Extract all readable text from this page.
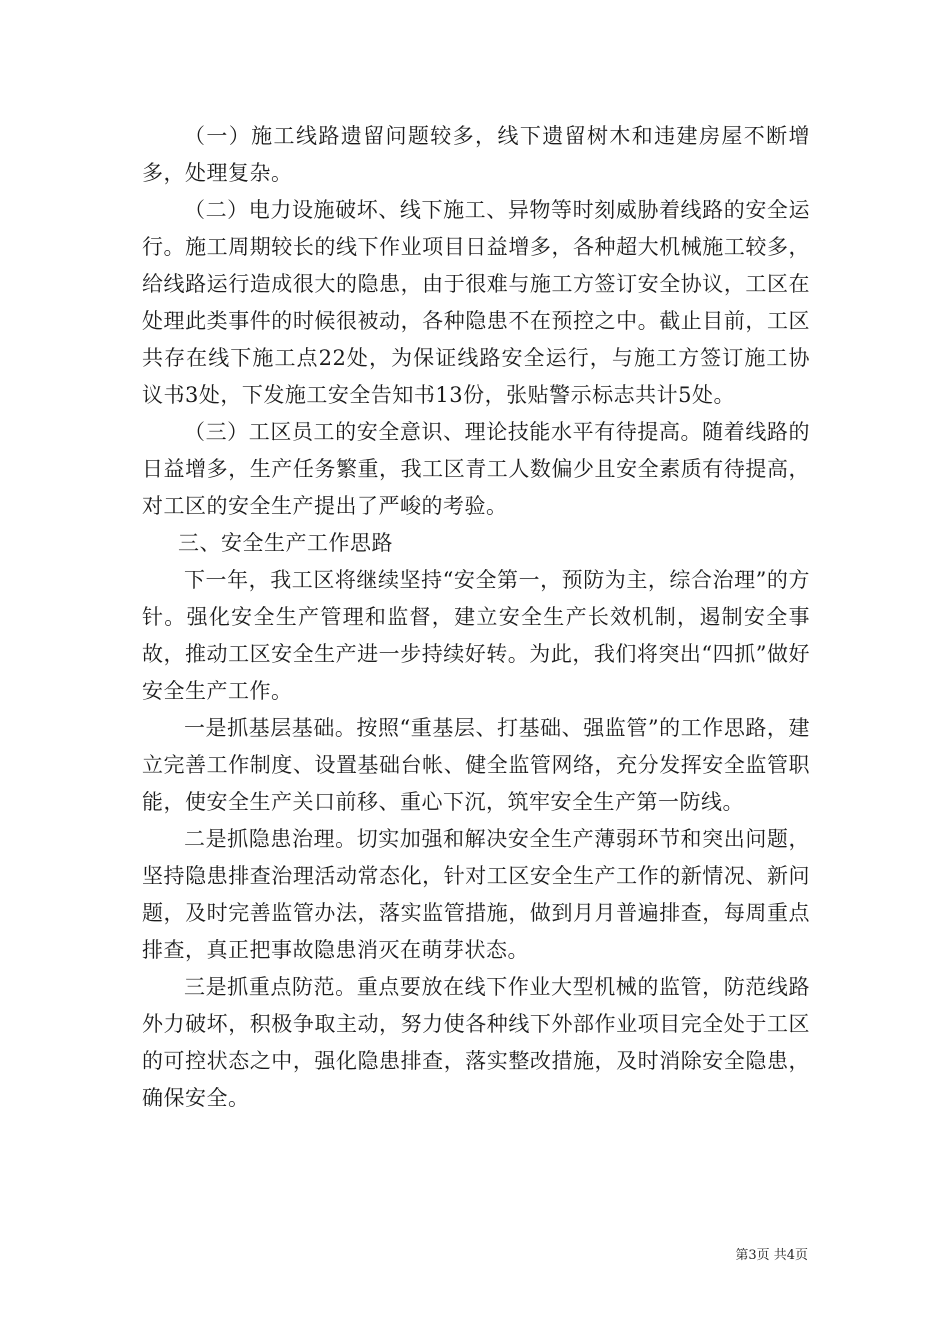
（一）施工线路遗留问题较多，线下遗留树木和违建房屋不断增多，处理复杂。

（二）电力设施破坏、线下施工、异物等时刻威胁着线路的安全运行。施工周期较长的线下作业项目日益增多，各种超大机械施工较多，给线路运行造成很大的隐患，由于很难与施工方签订安全协议，工区在处理此类事件的时候很被动，各种隐患不在预控之中。截止目前，工区共存在线下施工点22处，为保证线路安全运行，与施工方签订施工协议书3处，下发施工安全告知书13份，张贴警示标志共计5处。

（三）工区员工的安全意识、理论技能水平有待提高。随着线路的日益增多，生产任务繁重，我工区青工人数偏少且安全素质有待提高，对工区的安全生产提出了严峻的考验。

三、安全生产工作思路

下一年，我工区将继续坚持“安全第一，预防为主，综合治理”的方针。强化安全生产管理和监督，建立安全生产长效机制，遏制安全事故，推动工区安全生产进一步持续好转。为此，我们将突出“四抓”做好安全生产工作。

一是抓基层基础。按照“重基层、打基础、强监管”的工作思路，建立完善工作制度、设置基础台帐、健全监管网络，充分发挥安全监管职能，使安全生产关口前移、重心下沉，筑牢安全生产第一防线。

二是抓隐患治理。切实加强和解决安全生产薄弱环节和突出问题，坚持隐患排查治理活动常态化，针对工区安全生产工作的新情况、新问题，及时完善监管办法，落实监管措施，做到月月普遍排查，每周重点排查，真正把事故隐患消灭在萌芽状态。

三是抓重点防范。重点要放在线下作业大型机械的监管，防范线路外力破坏，积极争取主动，努力使各种线下外部作业项目完全处于工区的可控状态之中，强化隐患排查，落实整改措施，及时消除安全隐患，确保安全。

第3页 共4页
